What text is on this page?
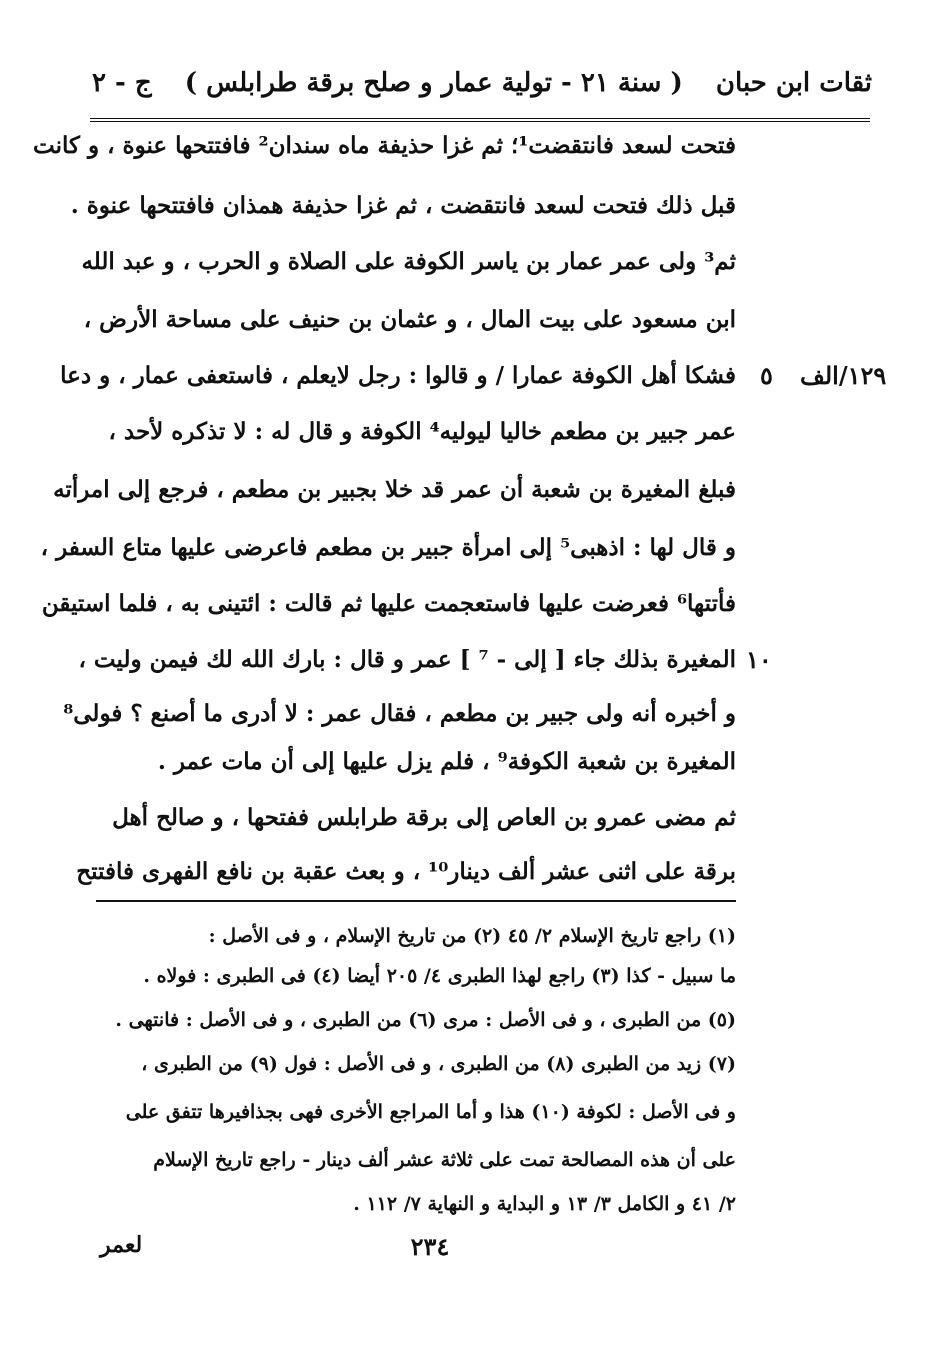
ثقات ابن حبان
( سنة ٢١ - تولية عمار و صلح برقة طرابلس )
ج - ٢
فتحت لسعد فانتقضت¹؛ ثم غزا حذيفة ماه سندان² فافتتحها عنوة ، و كانت
قبل ذلك فتحت لسعد فانتقضت ، ثم غزا حذيفة همذان فافتتحها عنوة .
ثم³ ولى عمر عمار بن ياسر الكوفة على الصلاة و الحرب ، و عبد الله
ابن مسعود على بيت المال ، و عثمان بن حنيف على مساحة الأرض ،
فشكا أهل الكوفة عمارا / و قالوا : رجل لايعلم ، فاستعفى عمار ، و دعا
عمر جبير بن مطعم خاليا ليوليه⁴ الكوفة و قال له : لا تذكره لأحد ،
فبلغ المغيرة بن شعبة أن عمر قد خلا بجبير بن مطعم ، فرجع إلى امرأته
و قال لها : اذهبى⁵ إلى امرأة جبير بن مطعم فاعرضى عليها متاع السفر ،
فأتتها⁶ فعرضت عليها فاستعجمت عليها ثم قالت : ائتينى به ، فلما استيقن
المغيرة بذلك جاء [ إلى - ⁷ ] عمر و قال : بارك الله لك فيمن وليت ،
و أخبره أنه ولى جبير بن مطعم ، فقال عمر : لا أدرى ما أصنع ؟ فولى⁸
المغيرة بن شعبة الكوفة⁹ ، فلم يزل عليها إلى أن مات عمر .
ثم مضى عمرو بن العاص إلى برقة طرابلس ففتحها ، و صالح أهل
برقة على اثنى عشر ألف دينار¹⁰ ، و بعث عقبة بن نافع الفهرى فافتتح
١٢٩/الف
٥
١٠
(١) راجع تاريخ الإسلام ٢/ ٤٥ (٢) من تاريخ الإسلام ، و فى الأصل :
ما سبيل - كذا (٣) راجع لهذا الطبرى ٤/ ٢٠٥ أيضا (٤) فى الطبرى : فولاه .
(٥) من الطبرى ، و فى الأصل : مرى (٦) من الطبرى ، و فى الأصل : فانتهى .
(٧) زيد من الطبرى (٨) من الطبرى ، و فى الأصل : فول (٩) من الطبرى ،
و فى الأصل : لكوفة (١٠) هذا و أما المراجع الأخرى فهى بجذافيرها تتفق على
على أن هذه المصالحة تمت على ثلاثة عشر ألف دينار - راجع تاريخ الإسلام
٢/ ٤١ و الكامل ٣/ ١٣ و البداية و النهاية ٧/ ١١٢ .
٢٣٤
لعمر
